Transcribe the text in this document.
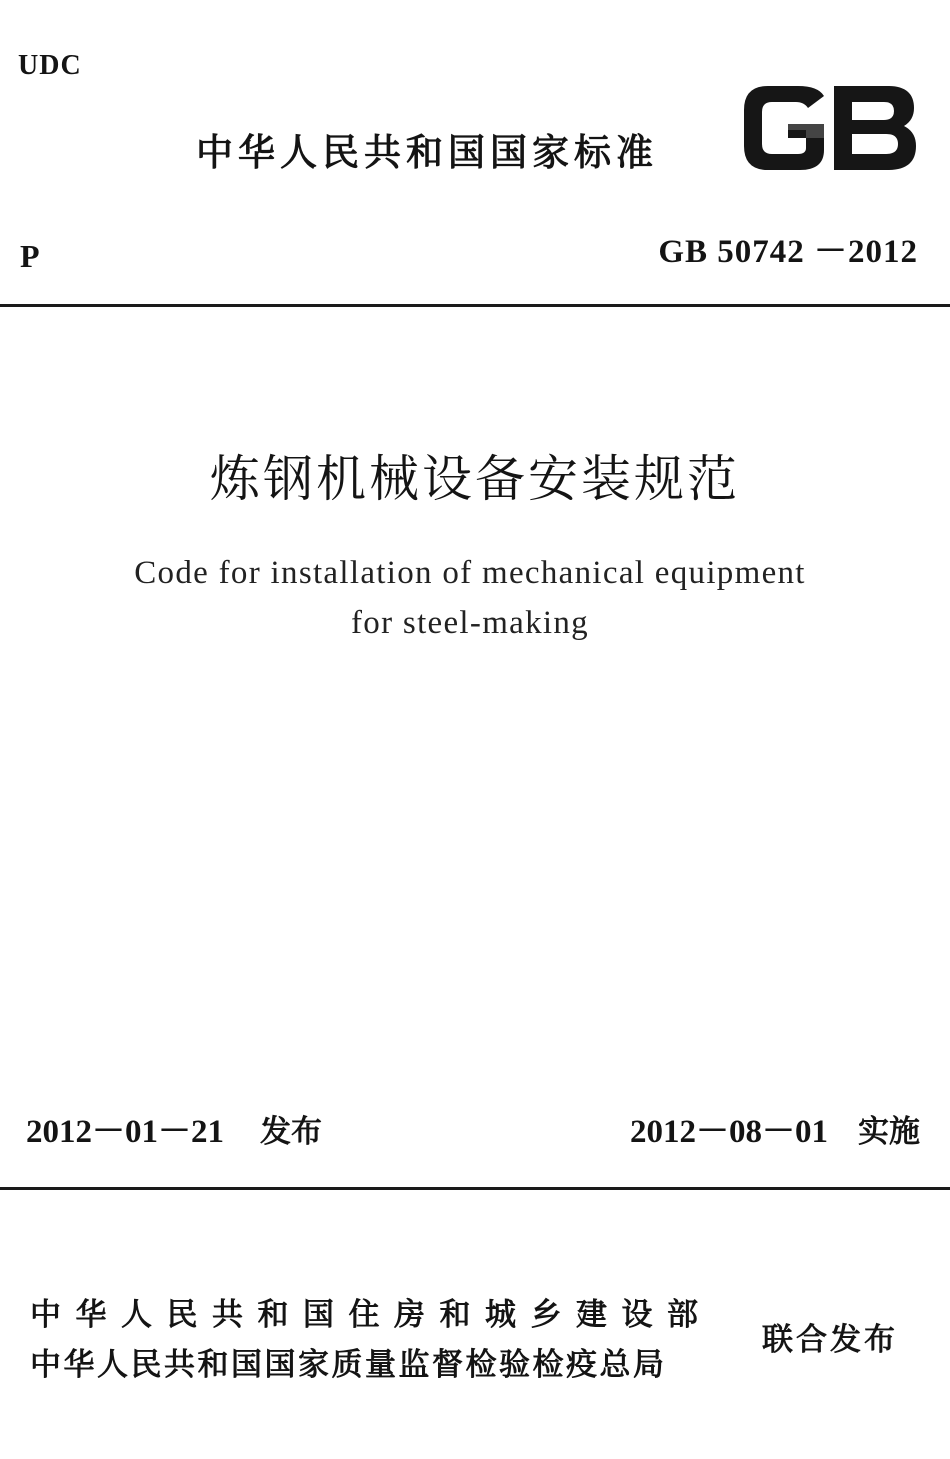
UDC
中华人民共和国国家标准
P	GB 50742 －2012
炼钢机械设备安装规范
Code for installation of mechanical equipment
for steel-making
2012－01－21 发布	2012－08－01 实施
中华人民共和国住房和城乡建设部
中华人民共和国国家质量监督检验检疫总局
联合发布
